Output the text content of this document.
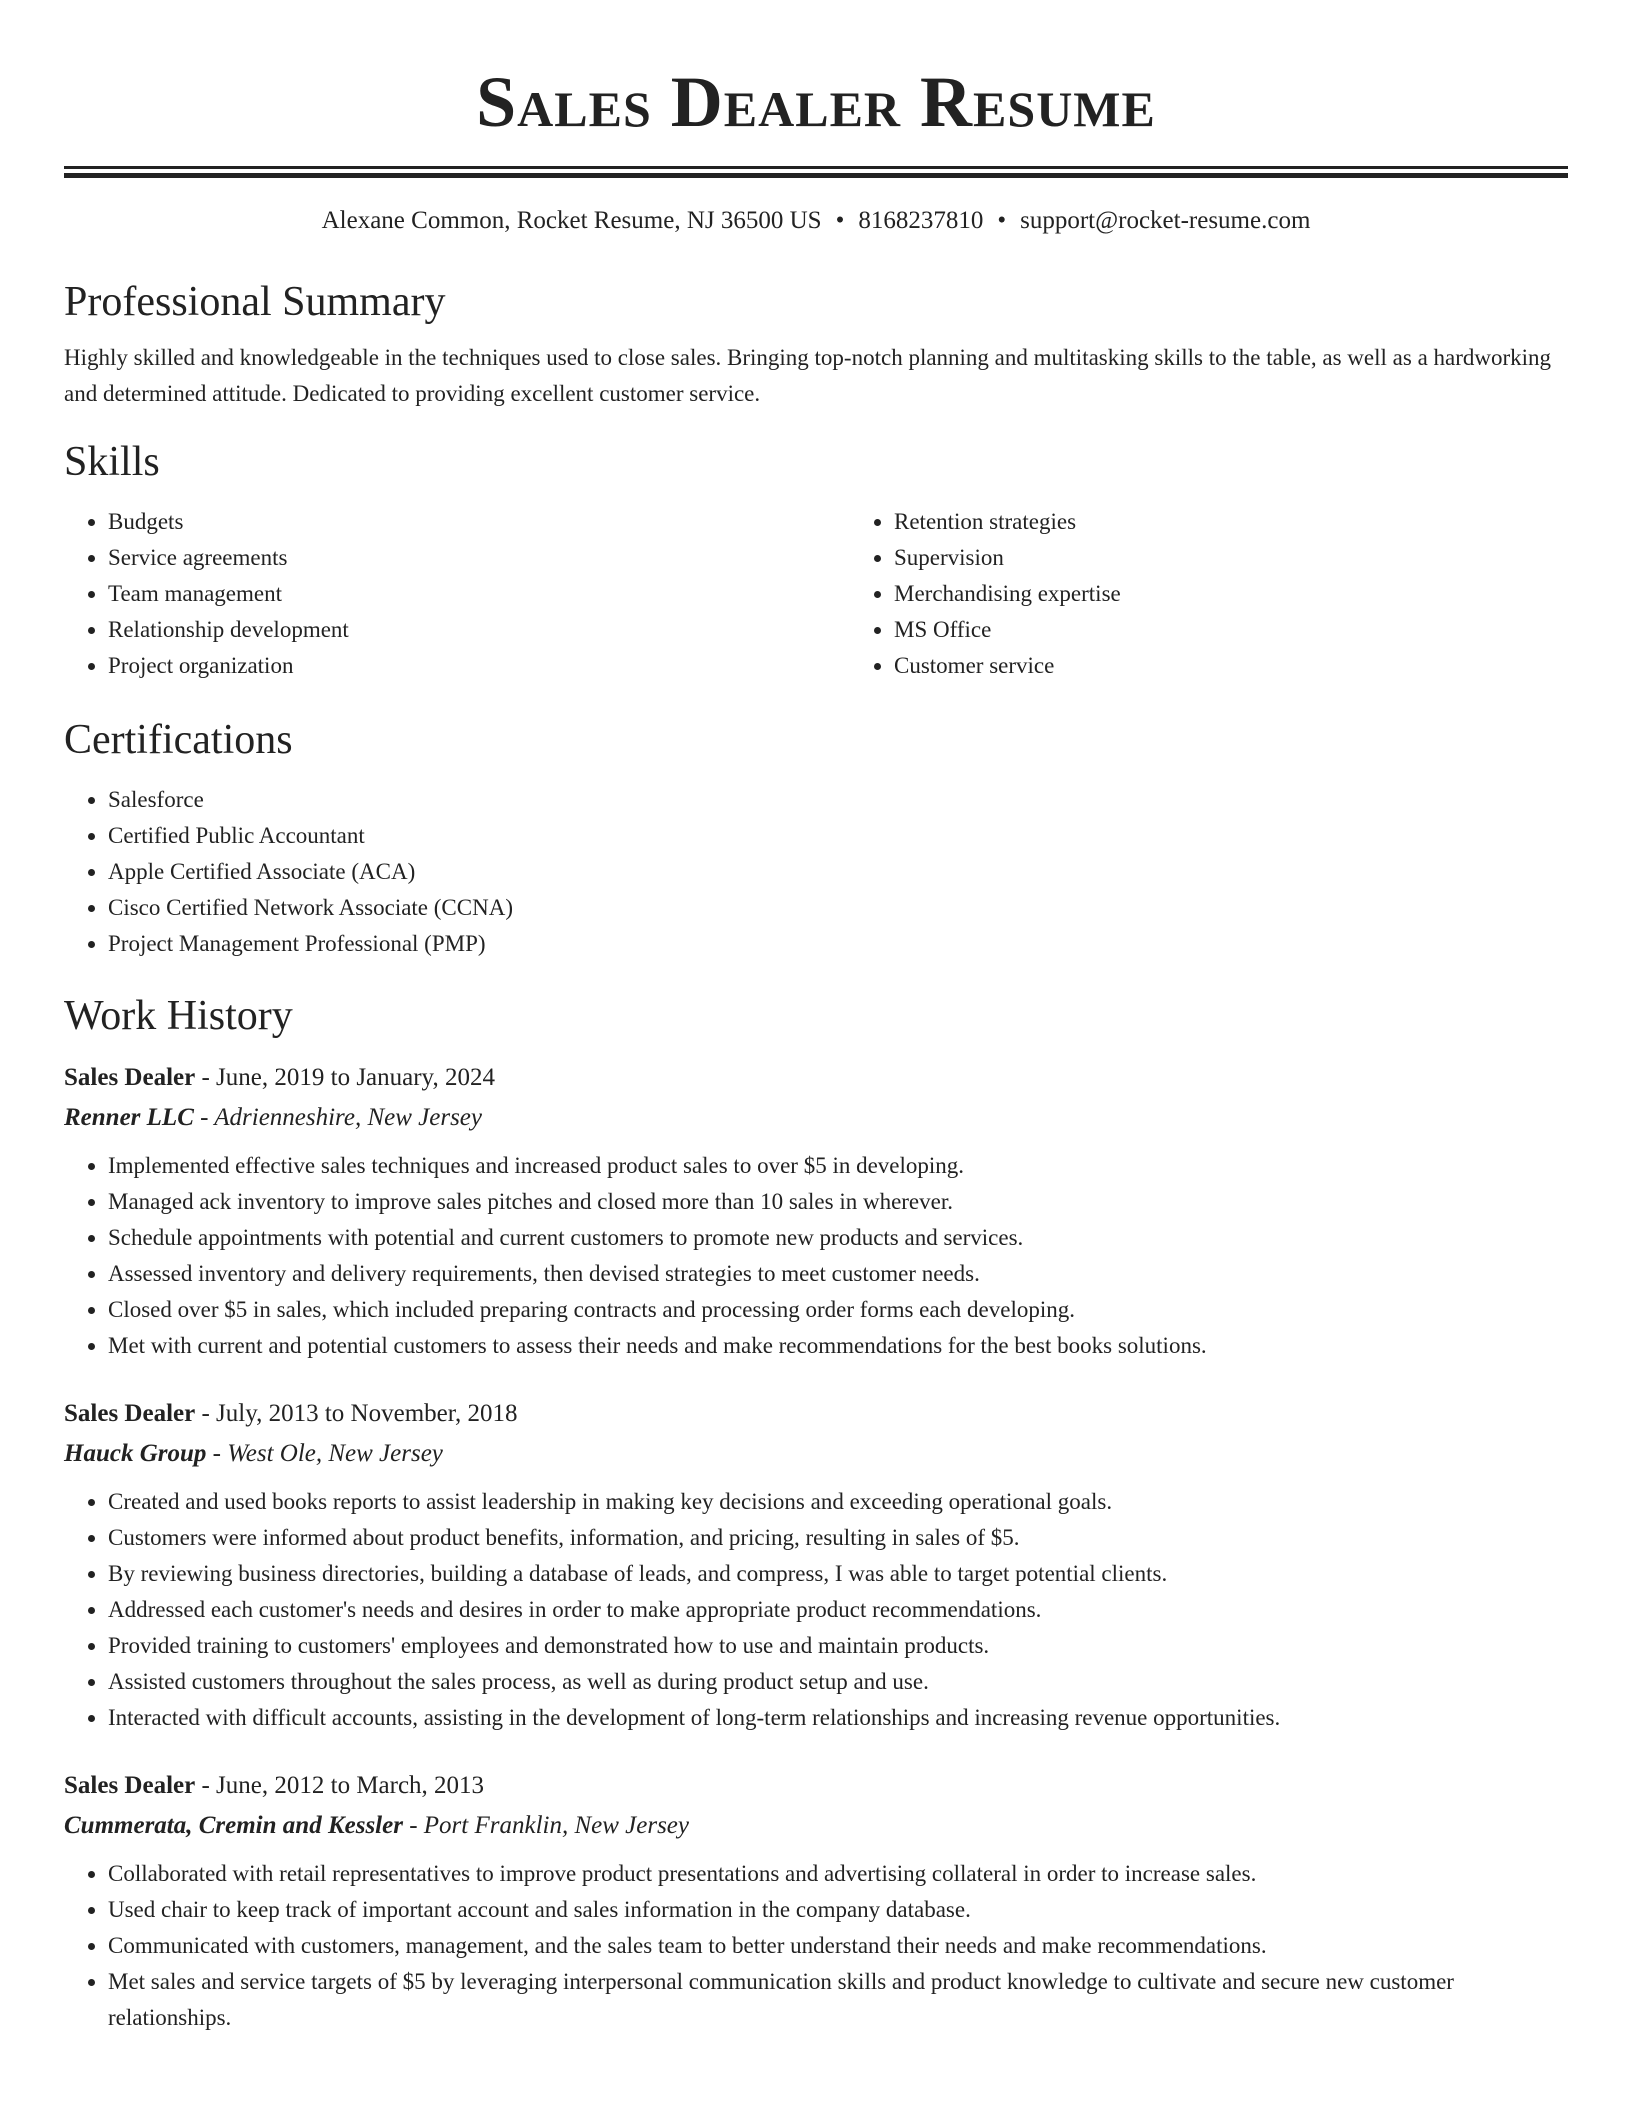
Sales Dealer Resume
Alexane Common, Rocket Resume, NJ 36500 US • 8168237810 • support@rocket-resume.com
Professional Summary

Highly skilled and knowledgeable in the techniques used to close sales. Bringing top-notch planning and multitasking skills to the table, as well as a hardworking and determined attitude. Dedicated to providing excellent customer service.

Skills
• Budgets
• Service agreements
• Team management
• Relationship development
• Project organization
• Retention strategies
• Supervision
• Merchandising expertise
• MS Office
• Customer service
Certifications
• Salesforce
• Certified Public Accountant
• Apple Certified Associate (ACA)
• Cisco Certified Network Associate (CCNA)
• Project Management Professional (PMP)
Work History
Sales Dealer - June, 2019 to January, 2024
Renner LLC - Adrienneshire, New Jersey
• Implemented effective sales techniques and increased product sales to over $5 in developing.
• Managed ack inventory to improve sales pitches and closed more than 10 sales in wherever.
• Schedule appointments with potential and current customers to promote new products and services.
• Assessed inventory and delivery requirements, then devised strategies to meet customer needs.
• Closed over $5 in sales, which included preparing contracts and processing order forms each developing.
• Met with current and potential customers to assess their needs and make recommendations for the best books solutions.
Sales Dealer - July, 2013 to November, 2018
Hauck Group - West Ole, New Jersey
• Created and used books reports to assist leadership in making key decisions and exceeding operational goals.
• Customers were informed about product benefits, information, and pricing, resulting in sales of $5.
• By reviewing business directories, building a database of leads, and compress, I was able to target potential clients.
• Addressed each customer's needs and desires in order to make appropriate product recommendations.
• Provided training to customers' employees and demonstrated how to use and maintain products.
• Assisted customers throughout the sales process, as well as during product setup and use.
• Interacted with difficult accounts, assisting in the development of long-term relationships and increasing revenue opportunities.
Sales Dealer - June, 2012 to March, 2013
Cummerata, Cremin and Kessler - Port Franklin, New Jersey
• Collaborated with retail representatives to improve product presentations and advertising collateral in order to increase sales.
• Used chair to keep track of important account and sales information in the company database.
• Communicated with customers, management, and the sales team to better understand their needs and make recommendations.
• Met sales and service targets of $5 by leveraging interpersonal communication skills and product knowledge to cultivate and secure new customer relationships.
